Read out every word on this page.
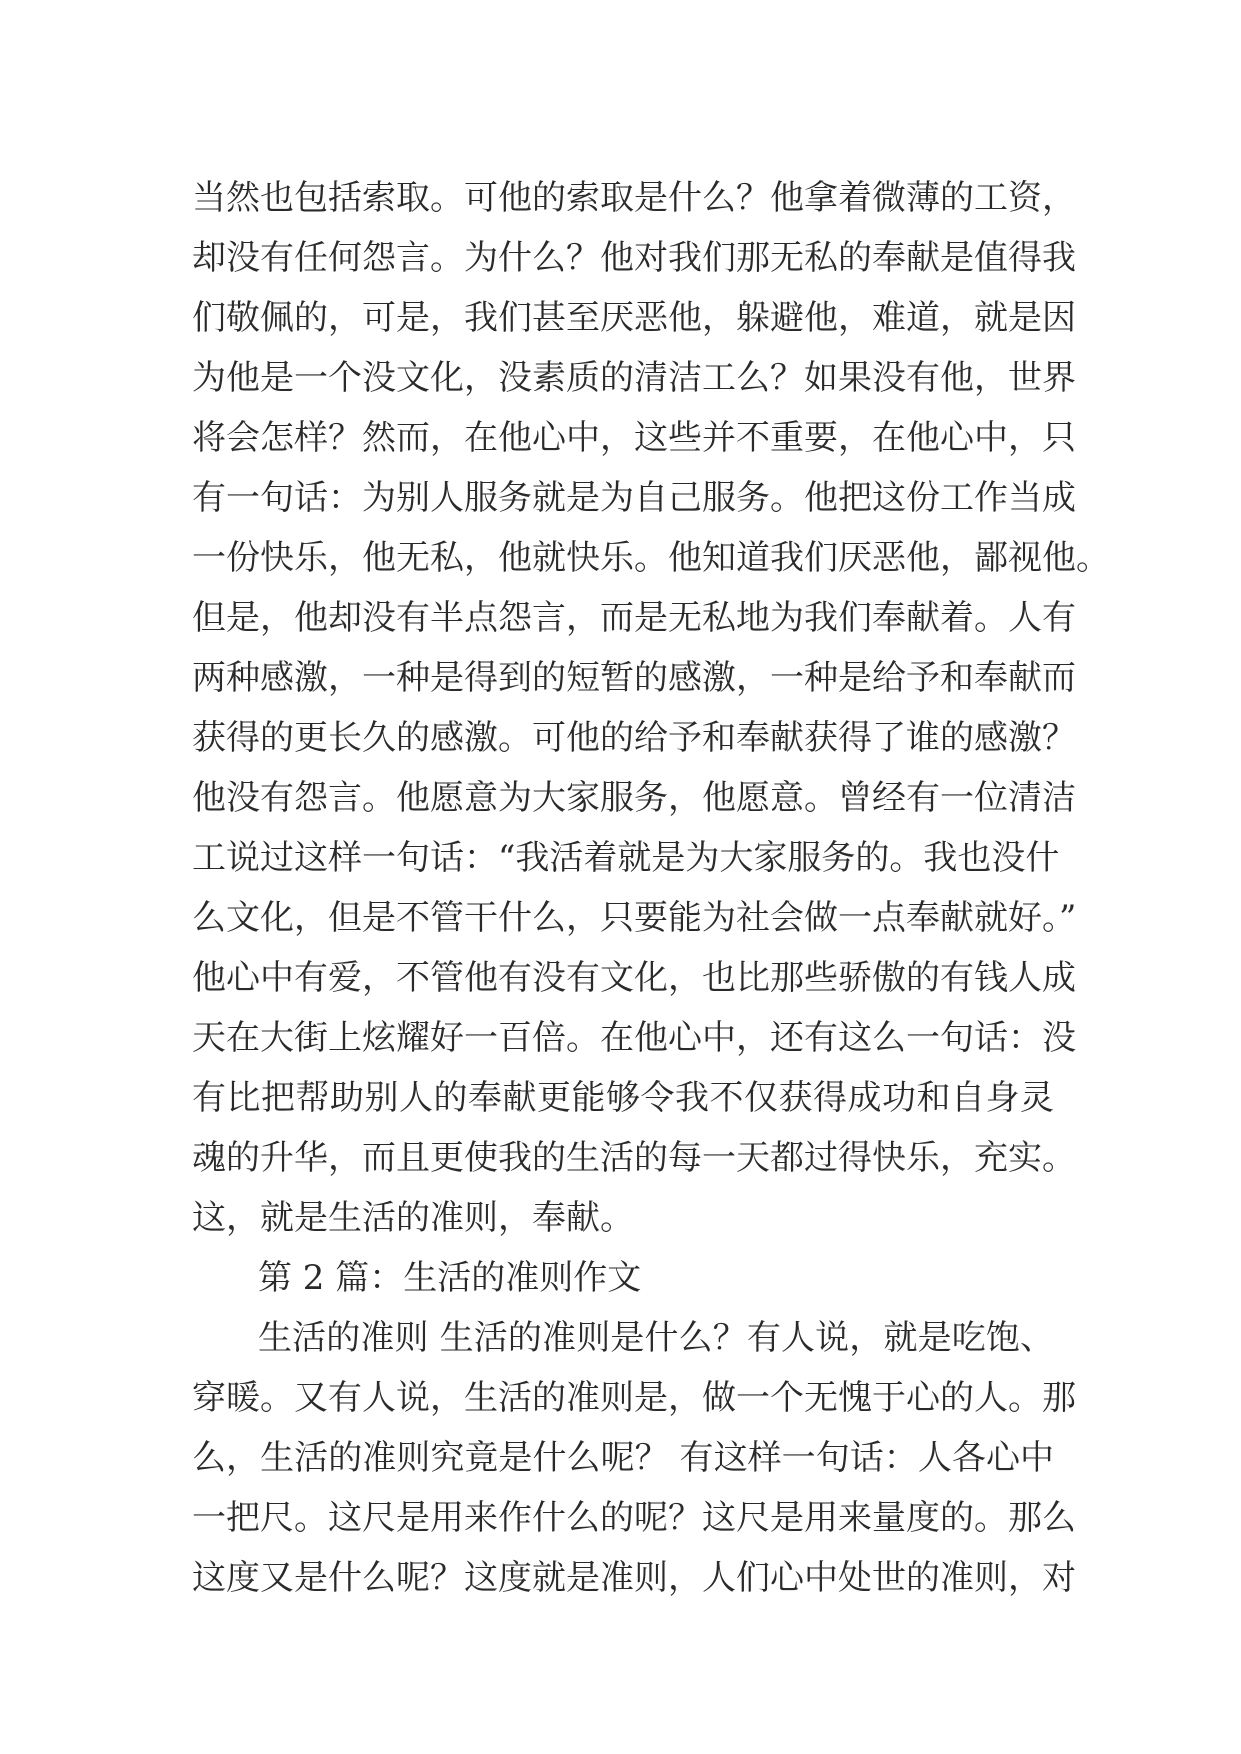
当然也包括索取。可他的索取是什么？他拿着微薄的工资，
却没有任何怨言。为什么？他对我们那无私的奉献是值得我
们敬佩的，可是，我们甚至厌恶他，躲避他，难道，就是因
为他是一个没文化，没素质的清洁工么？如果没有他，世界
将会怎样？然而，在他心中，这些并不重要，在他心中，只
有一句话：为别人服务就是为自己服务。他把这份工作当成
一份快乐，他无私，他就快乐。他知道我们厌恶他，鄙视他。
但是，他却没有半点怨言，而是无私地为我们奉献着。人有
两种感激，一种是得到的短暂的感激，一种是给予和奉献而
获得的更长久的感激。可他的给予和奉献获得了谁的感激？
他没有怨言。他愿意为大家服务，他愿意。曾经有一位清洁
工说过这样一句话：“我活着就是为大家服务的。我也没什
么文化，但是不管干什么，只要能为社会做一点奉献就好。”
他心中有爱，不管他有没有文化，也比那些骄傲的有钱人成
天在大街上炫耀好一百倍。在他心中，还有这么一句话：没
有比把帮助别人的奉献更能够令我不仅获得成功和自身灵
魂的升华，而且更使我的生活的每一天都过得快乐，充实。
这，就是生活的准则，奉献。
第 2 篇：生活的准则作文
生活的准则 生活的准则是什么？有人说，就是吃饱、
穿暖。又有人说，生活的准则是，做一个无愧于心的人。那
么，生活的准则究竟是什么呢？ 有这样一句话：人各心中
一把尺。这尺是用来作什么的呢？这尺是用来量度的。那么
这度又是什么呢？这度就是准则，人们心中处世的准则，对
